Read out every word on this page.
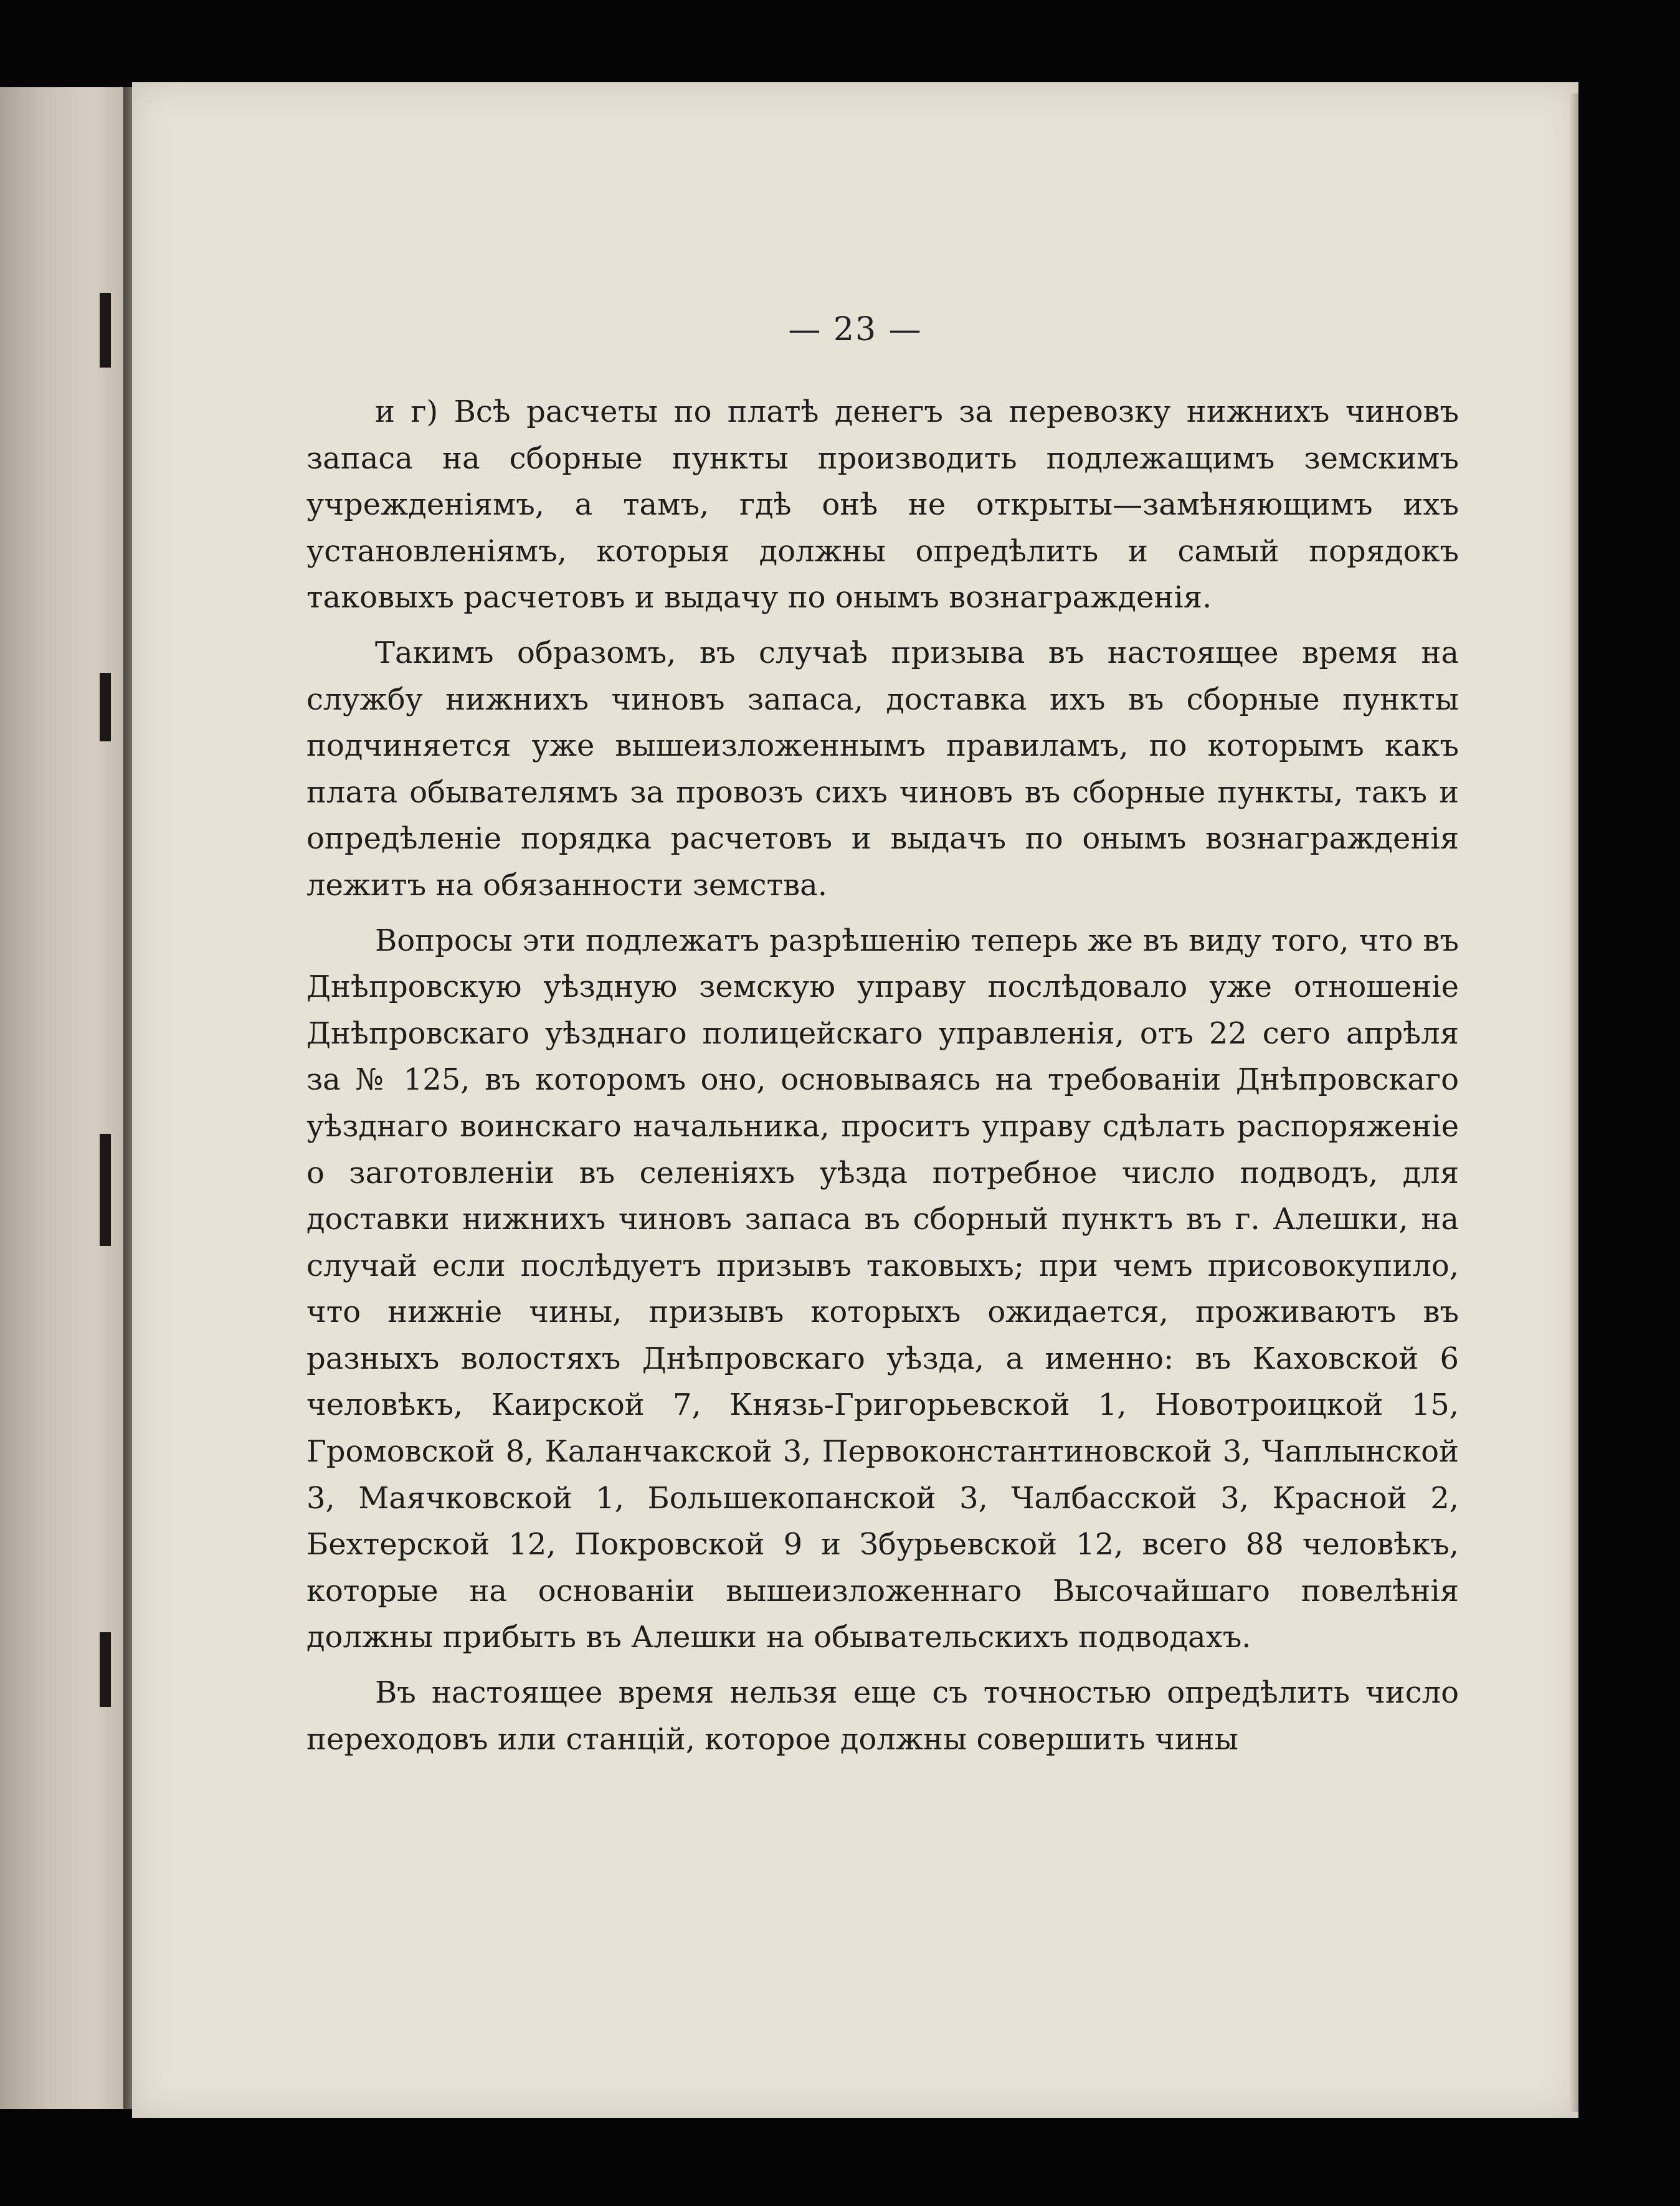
— 23 —

и г) Всѣ расчеты по платѣ денегъ за перевозку нижнихъ чиновъ запаса на сборные пункты производить подлежащимъ земскимъ учрежденіямъ, а тамъ, гдѣ онѣ не открыты—замѣняющимъ ихъ установленіямъ, которыя должны опредѣлить и самый порядокъ таковыхъ расчетовъ и выдачу по онымъ вознагражденія.

Такимъ образомъ, въ случаѣ призыва въ настоящее время на службу нижнихъ чиновъ запаса, доставка ихъ въ сборные пункты подчиняется уже вышеизложеннымъ правиламъ, по которымъ какъ плата обывателямъ за провозъ сихъ чиновъ въ сборные пункты, такъ и опредѣленіе порядка расчетовъ и выдачъ по онымъ вознагражденія лежитъ на обязанности земства.

Вопросы эти подлежатъ разрѣшенію теперь же въ виду того, что въ Днѣпровскую уѣздную земскую управу послѣдовало уже отношеніе Днѣпровскаго уѣзднаго полицейскаго управленія, отъ 22 сего апрѣля за № 125, въ которомъ оно, основываясь на требованіи Днѣпровскаго уѣзднаго воинскаго начальника, проситъ управу сдѣлать распоряженіе о заготовленіи въ селеніяхъ уѣзда потребное число подводъ, для доставки нижнихъ чиновъ запаса въ сборный пунктъ въ г. Алешки, на случай если послѣдуетъ призывъ таковыхъ; при чемъ присовокупило, что нижніе чины, призывъ которыхъ ожидается, проживаютъ въ разныхъ волостяхъ Днѣпровскаго уѣзда, а именно: въ Каховской 6 человѣкъ, Каирской 7, Князь-Григорьевской 1, Новотроицкой 15, Громовской 8, Каланчакской 3, Первоконстантиновской 3, Чаплынской 3, Маячковской 1, Большекопанской 3, Чалбасской 3, Красной 2, Бехтерской 12, Покровской 9 и Збурьевской 12, всего 88 человѣкъ, которые на основаніи вышеизложеннаго Высочайшаго повелѣнія должны прибыть въ Алешки на обывательскихъ подводахъ.

Въ настоящее время нельзя еще съ точностью опредѣлить число переходовъ или станцій, которое должны совершить чины
